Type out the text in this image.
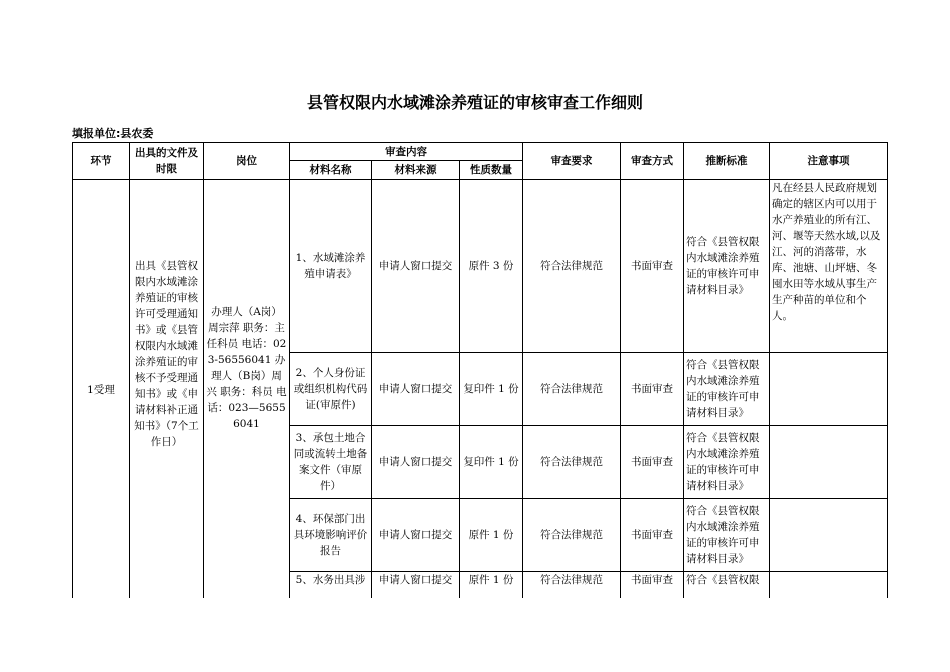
县管权限内水域滩涂养殖证的审核审查工作细则
填报单位:县农委
环节	出具的文件及时限	岗位	审查内容			审查要求	审查方式	推断标准	注意事项
			材料名称	材料来源	性质数量				
1受理	出具《县管权限内水域滩涂养殖证的审核许可受理通知书》或《县管权限内水域滩涂养殖证的审核不予受理通知书》或《申请材料补正通知书》（7个工作日）	办理人（A岗）周宗萍 职务：主任科员 电话：023-56556041 办理人（B岗）周兴 职务：科员 电话：023—56556041	1、水域滩涂养殖申请表》	申请人窗口提交	原件 3 份	符合法律规范	书面审查	符合《县管权限内水域滩涂养殖证的审核许可申请材料目录》	凡在经县人民政府规划确定的辖区内可以用于水产养殖业的所有江、河、堰等天然水域,以及江、河的消落带，水库、池塘、山坪塘、冬囤水田等水域从事生产生产种苗的单位和个人。
			2、个人身份证或组织机构代码证(审原件)	申请人窗口提交	复印件 1 份	符合法律规范	书面审查	符合《县管权限内水域滩涂养殖证的审核许可申请材料目录》	
			3、承包土地合同或流转土地备案文件（审原件）	申请人窗口提交	复印件 1 份	符合法律规范	书面审查	符合《县管权限内水域滩涂养殖证的审核许可申请材料目录》	
			4、环保部门出具环境影响评价报告	申请人窗口提交	原件 1 份	符合法律规范	书面审查	符合《县管权限内水域滩涂养殖证的审核许可申请材料目录》	
			5、水务出具涉	申请人窗口提交	原件 1 份	符合法律规范	书面审查	符合《县管权限	
